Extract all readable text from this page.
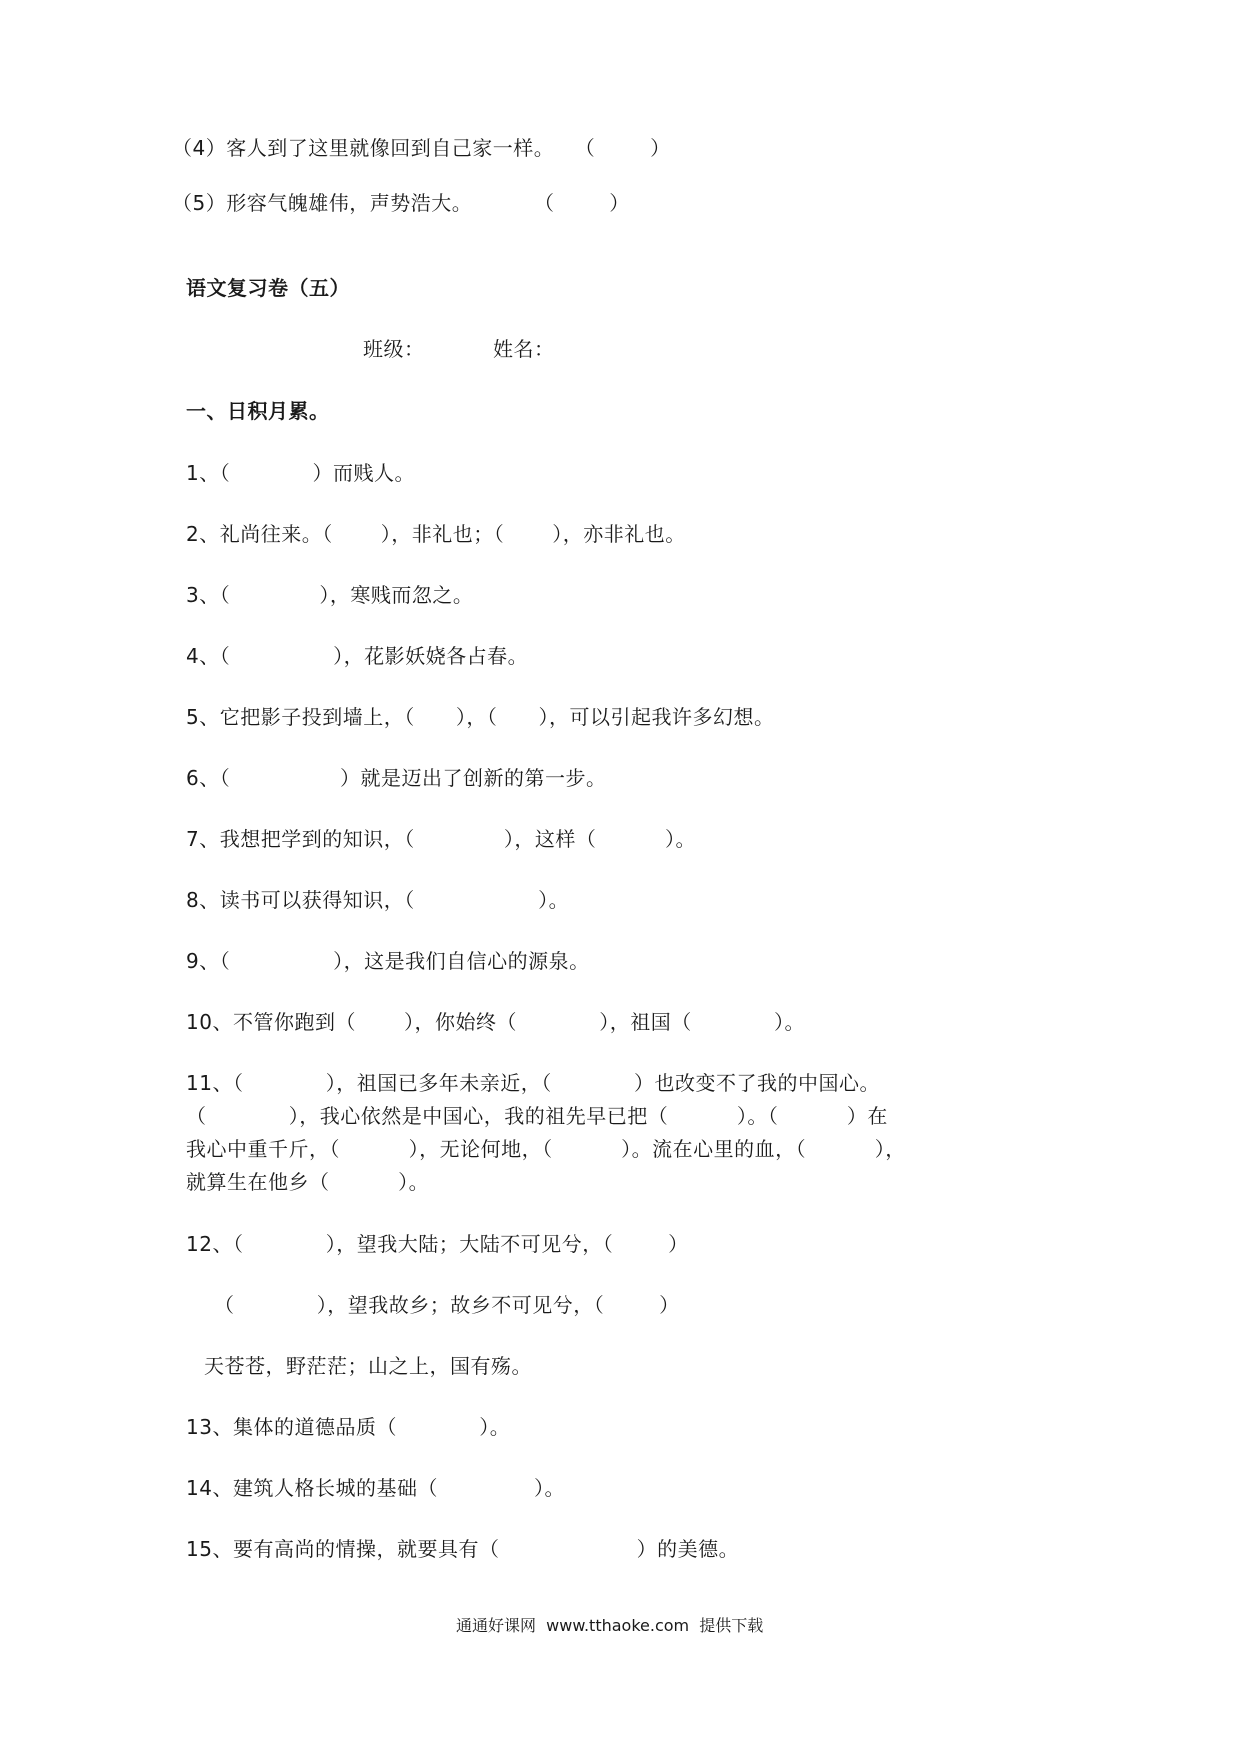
（4）客人到了这里就像回到自己家一样。   （        ）
（5）形容气魄雄伟，声势浩大。         （        ）
语文复习卷（五）
班级：	姓名：
一、日积月累。
1、（            ）而贱人。
2、礼尚往来。（       ），非礼也；（       ），亦非礼也。
3、（             ），寒贱而忽之。
4、（               ），花影妖娆各占春。
5、它把影子投到墙上，（      ），（      ），可以引起我许多幻想。
6、（                ）就是迈出了创新的第一步。
7、我想把学到的知识，（             ），这样（          ）。
8、读书可以获得知识，（                  ）。
9、（               ），这是我们自信心的源泉。
10、不管你跑到（       ），你始终（            ），祖国（            ）。
11、（            ），祖国已多年未亲近，（            ）也改变不了我的中国心。
（            ），我心依然是中国心，我的祖先早已把（          ）。（          ）在
我心中重千斤，（          ），无论何地，（          ）。流在心里的血，（          ），
就算生在他乡（          ）。
12、（            ），望我大陆；大陆不可见兮，（        ）
（            ），望我故乡；故乡不可见兮，（        ）
天苍苍，野茫茫；山之上，国有殇。
13、集体的道德品质（            ）。
14、建筑人格长城的基础（              ）。
15、要有高尚的情操，就要具有（                    ）的美德。
通通好课网  www.tthaoke.com  提供下载
